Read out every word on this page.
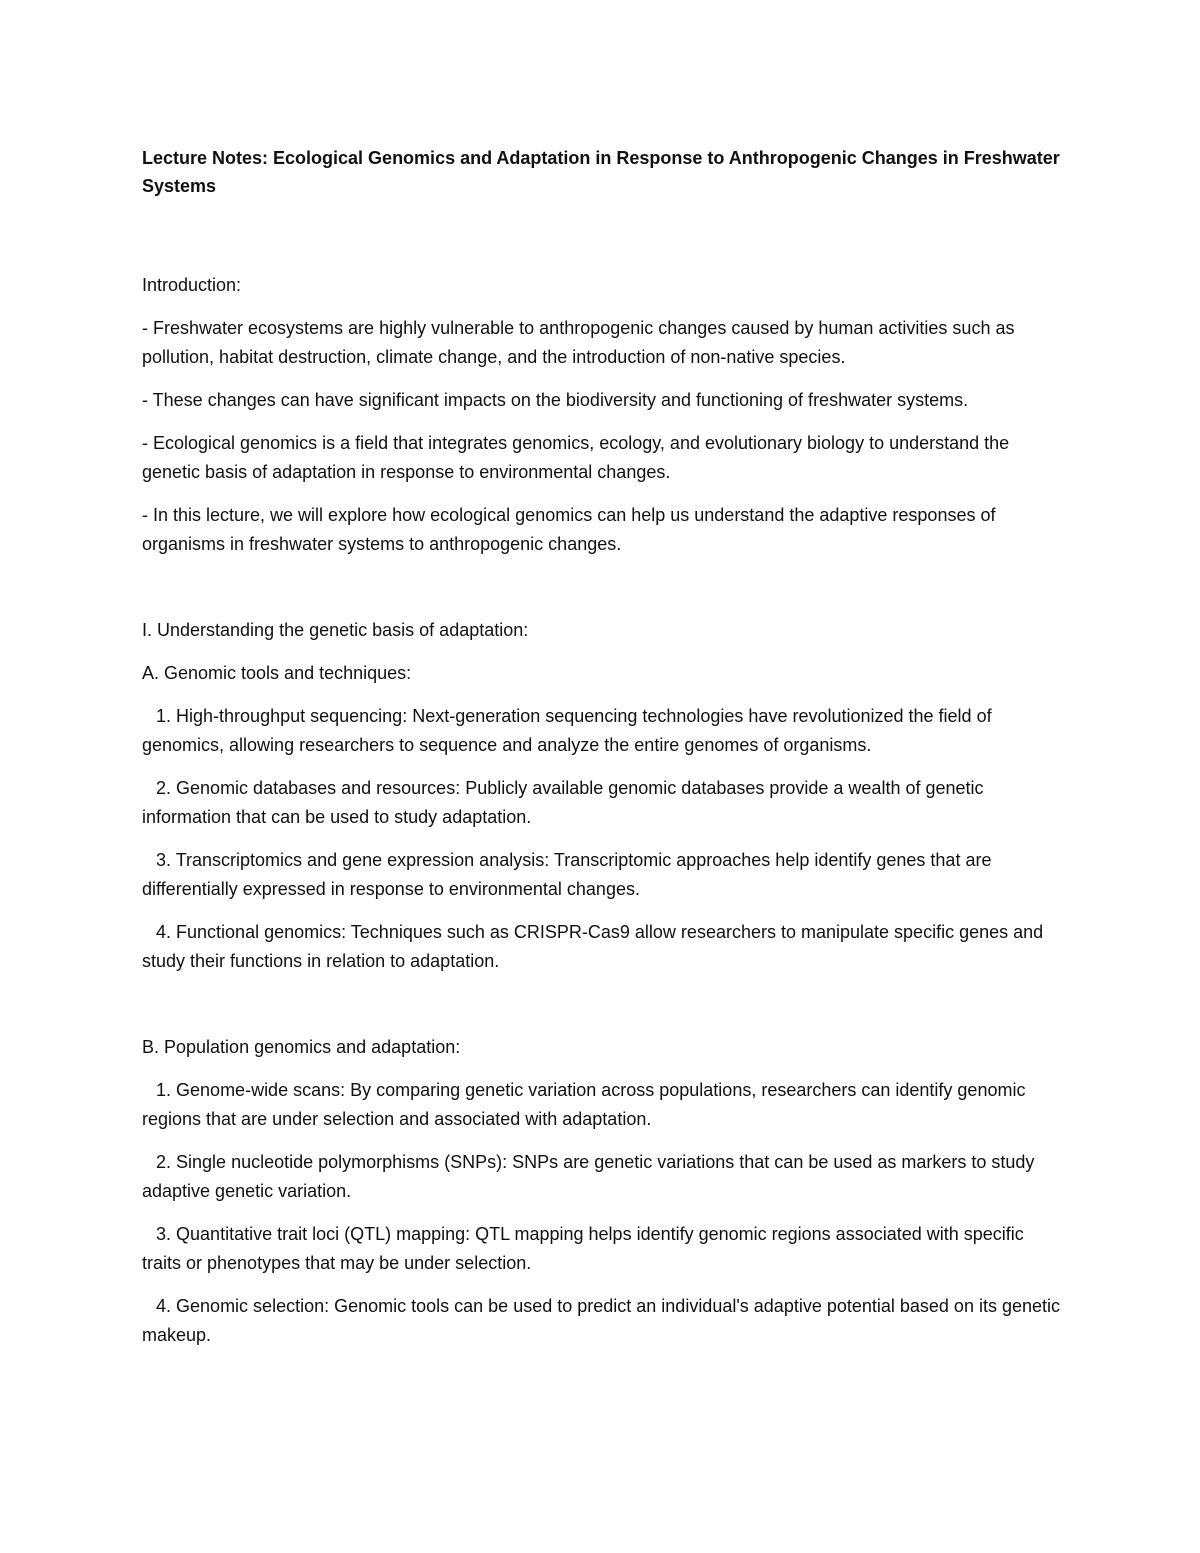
Lecture Notes: Ecological Genomics and Adaptation in Response to Anthropogenic Changes in Freshwater Systems
Introduction:
- Freshwater ecosystems are highly vulnerable to anthropogenic changes caused by human activities such as pollution, habitat destruction, climate change, and the introduction of non-native species.
- These changes can have significant impacts on the biodiversity and functioning of freshwater systems.
- Ecological genomics is a field that integrates genomics, ecology, and evolutionary biology to understand the genetic basis of adaptation in response to environmental changes.
- In this lecture, we will explore how ecological genomics can help us understand the adaptive responses of organisms in freshwater systems to anthropogenic changes.
I. Understanding the genetic basis of adaptation:
A. Genomic tools and techniques:
1. High-throughput sequencing: Next-generation sequencing technologies have revolutionized the field of genomics, allowing researchers to sequence and analyze the entire genomes of organisms.
2. Genomic databases and resources: Publicly available genomic databases provide a wealth of genetic information that can be used to study adaptation.
3. Transcriptomics and gene expression analysis: Transcriptomic approaches help identify genes that are differentially expressed in response to environmental changes.
4. Functional genomics: Techniques such as CRISPR-Cas9 allow researchers to manipulate specific genes and study their functions in relation to adaptation.
B. Population genomics and adaptation:
1. Genome-wide scans: By comparing genetic variation across populations, researchers can identify genomic regions that are under selection and associated with adaptation.
2. Single nucleotide polymorphisms (SNPs): SNPs are genetic variations that can be used as markers to study adaptive genetic variation.
3. Quantitative trait loci (QTL) mapping: QTL mapping helps identify genomic regions associated with specific traits or phenotypes that may be under selection.
4. Genomic selection: Genomic tools can be used to predict an individual's adaptive potential based on its genetic makeup.
